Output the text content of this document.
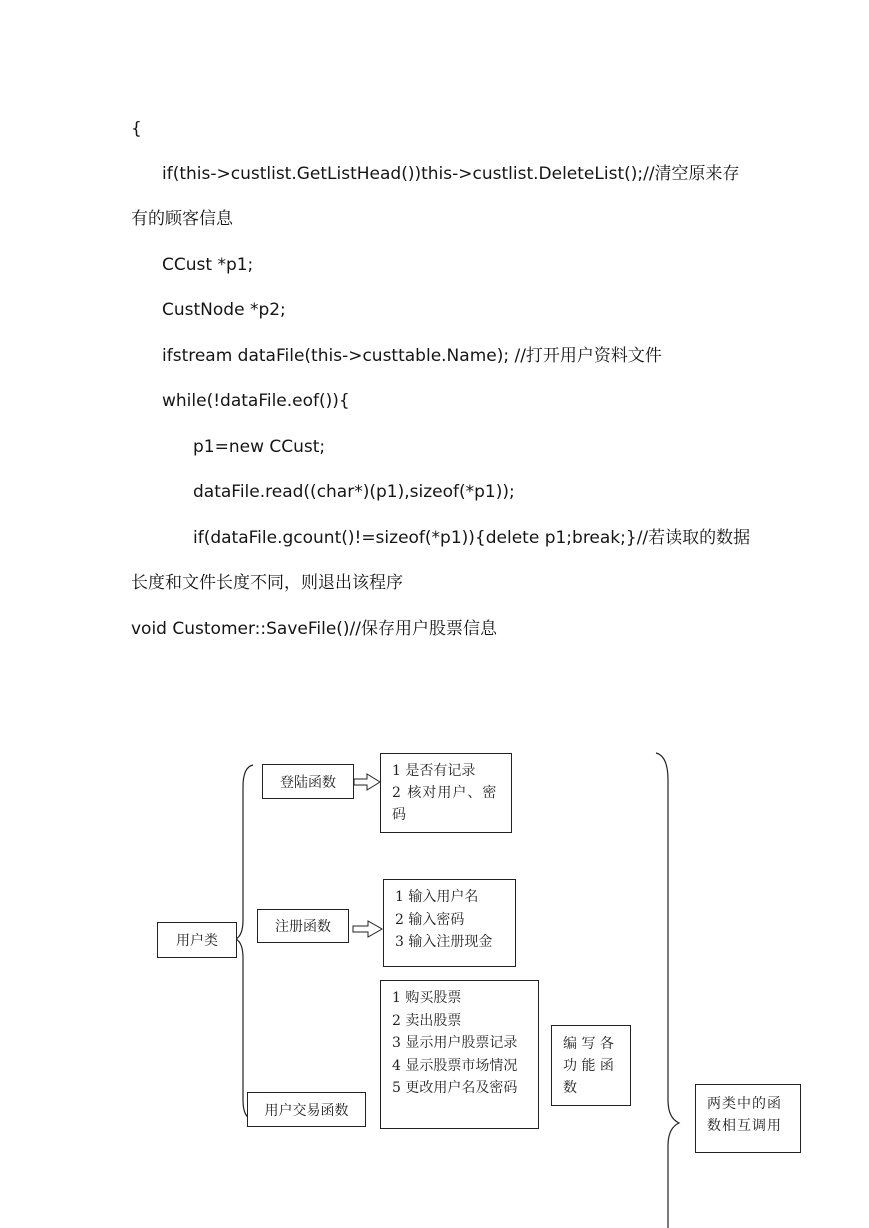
{
if(this->custlist.GetListHead())this->custlist.DeleteList();//清空原来存
有的顾客信息
CCust *p1;
CustNode *p2;
ifstream dataFile(this->custtable.Name); //打开用户资料文件
while(!dataFile.eof()){
p1=new CCust;
dataFile.read((char*)(p1),sizeof(*p1));
if(dataFile.gcount()!=sizeof(*p1)){delete p1;break;}//若读取的数据
长度和文件长度不同，则退出该程序
void Customer::SaveFile()//保存用户股票信息
用户类
登陆函数
1 是否有记录
2 核对用户、密码
注册函数
1 输入用户名
2 输入密码
3 输入注册现金
1 购买股票
2 卖出股票
3 显示用户股票记录
4 显示股票市场情况
5 更改用户名及密码
编 写 各 功 能 函 数
用户交易函数	两类中的函数相互调用
